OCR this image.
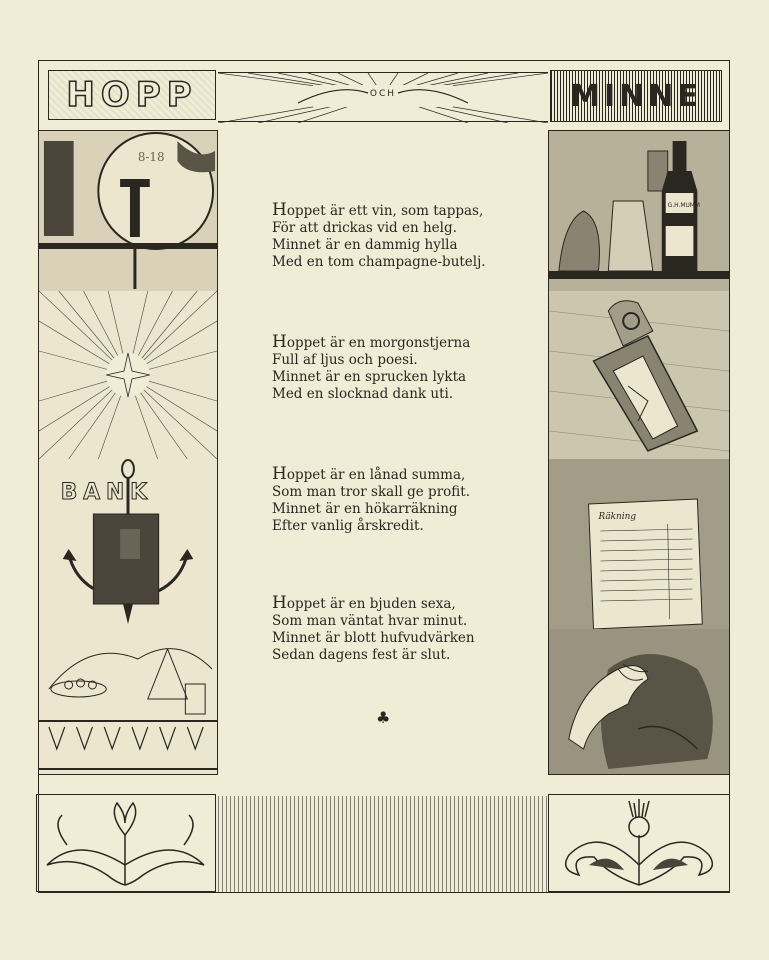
HOPP	OCH	MINNE
8-18
BANK
Hoppet är ett vin, som tappas,
För att drickas vid en helg.
Minnet är en dammig hylla
Med en tom champagne-butelj.
Hoppet är en morgonstjerna
Full af ljus och poesi.
Minnet är en sprucken lykta
Med en slocknad dank uti.
Hoppet är en lånad summa,
Som man tror skall ge profit.
Minnet är en hökarräkning
Efter vanlig årskredit.
Hoppet är en bjuden sexa,
Som man väntat hvar minut.
Minnet är blott hufvudvärken
Sedan dagens fest är slut.
♣
G.H.MUMM
Räkning
